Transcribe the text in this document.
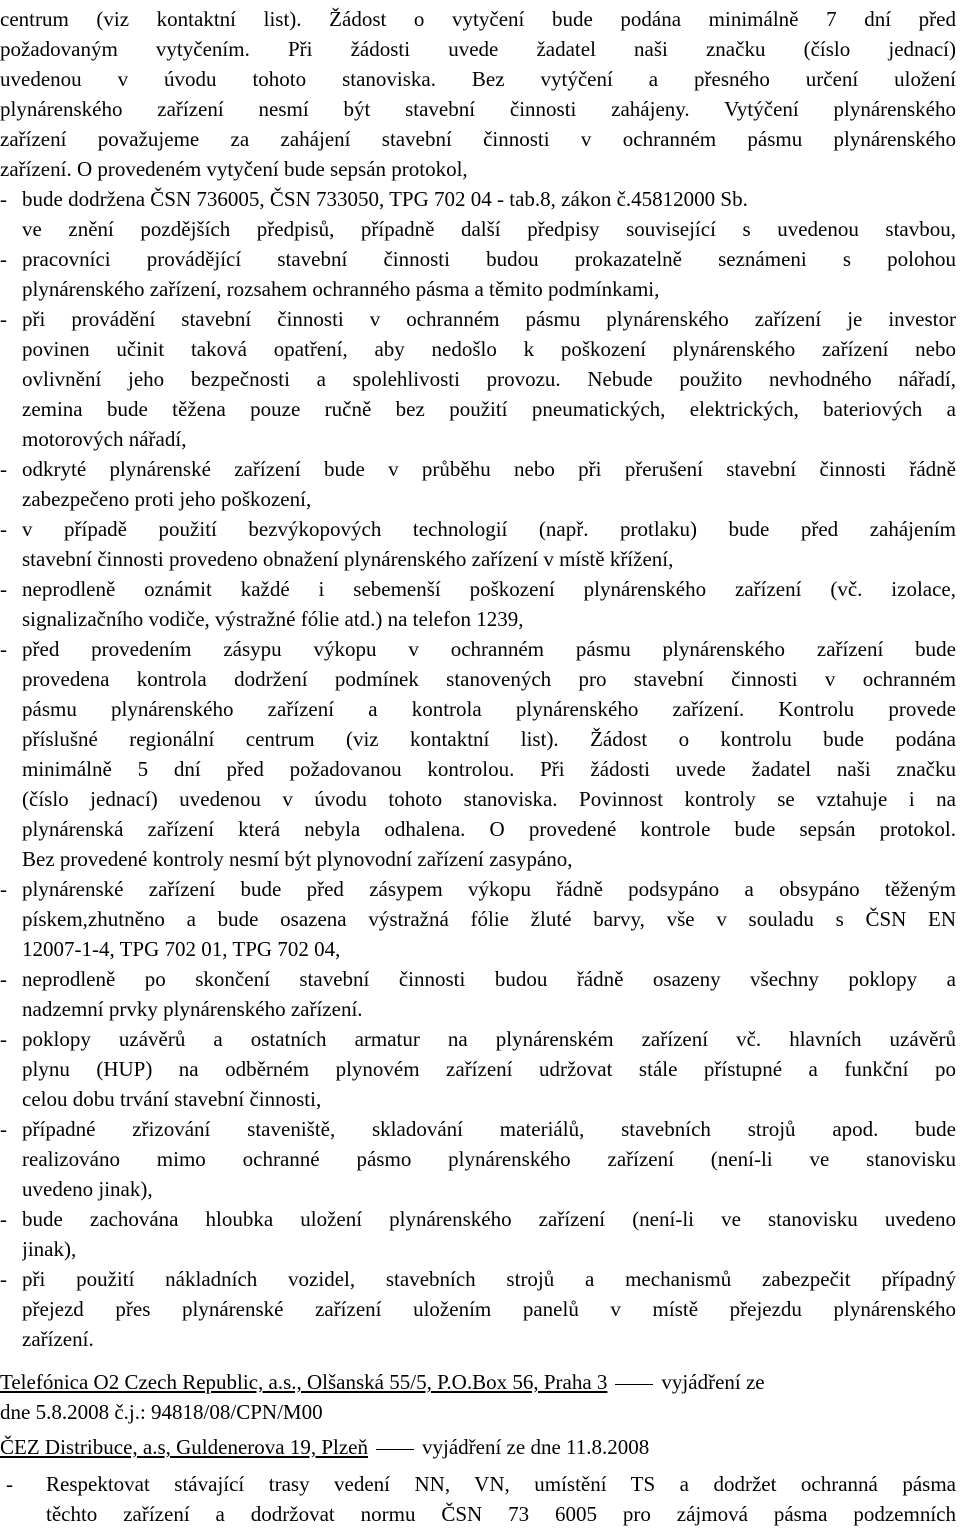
centrum (viz kontaktní list). Žádost o vytyčení bude podána minimálně 7 dní před
požadovaným vytyčením. Při žádosti uvede žadatel naši značku (číslo jednací)
uvedenou v úvodu tohoto stanoviska. Bez vytýčení a přesného určení uložení
plynárenského zařízení nesmí být stavební činnosti zahájeny. Vytýčení plynárenského
zařízení považujeme za zahájení stavební činnosti v ochranném pásmu plynárenského
zařízení. O provedeném vytyčení bude sepsán protokol,
- bude dodržena ČSN 736005, ČSN 733050, TPG 702 04 - tab.8, zákon č.45812000 Sb.
ve znění pozdějších předpisů, případně další předpisy související s uvedenou stavbou,
- pracovníci provádějící stavební činnosti budou prokazatelně seznámeni s polohou
plynárenského zařízení, rozsahem ochranného pásma a těmito podmínkami,
- při provádění stavební činnosti v ochranném pásmu plynárenského zařízení je investor
povinen učinit taková opatření, aby nedošlo k poškození plynárenského zařízení nebo
ovlivnění jeho bezpečnosti a spolehlivosti provozu. Nebude použito nevhodného nářadí,
zemina bude těžena pouze ručně bez použití pneumatických, elektrických, bateriových a
motorových nářadí,
- odkryté plynárenské zařízení bude v průběhu nebo při přerušení stavební činnosti řádně
zabezpečeno proti jeho poškození,
- v případě použití bezvýkopových technologií (např. protlaku) bude před zahájením
stavební činnosti provedeno obnažení plynárenského zařízení v místě křížení,
- neprodleně oznámit každé i sebemenší poškození plynárenského zařízení (vč. izolace,
signalizačního vodiče, výstražné fólie atd.) na telefon 1239,
- před provedením zásypu výkopu v ochranném pásmu plynárenského zařízení bude
provedena kontrola dodržení podmínek stanovených pro stavební činnosti v ochranném
pásmu plynárenského zařízení a kontrola plynárenského zařízení. Kontrolu provede
příslušné regionální centrum (viz kontaktní list). Žádost o kontrolu bude podána
minimálně 5 dní před požadovanou kontrolou. Při žádosti uvede žadatel naši značku
(číslo jednací) uvedenou v úvodu tohoto stanoviska. Povinnost kontroly se vztahuje i na
plynárenská zařízení která nebyla odhalena. O provedené kontrole bude sepsán protokol.
Bez provedené kontroly nesmí být plynovodní zařízení zasypáno,
- plynárenské zařízení bude před zásypem výkopu řádně podsypáno a obsypáno těženým
pískem,zhutněno a bude osazena výstražná fólie žluté barvy, vše v souladu s ČSN EN
12007-1-4, TPG 702 01, TPG 702 04,
- neprodleně po skončení stavební činnosti budou řádně osazeny všechny poklopy a
nadzemní prvky plynárenského zařízení.
- poklopy uzávěrů a ostatních armatur na plynárenském zařízení vč. hlavních uzávěrů
plynu (HUP) na odběrném plynovém zařízení udržovat stále přístupné a funkční po
celou dobu trvání stavební činnosti,
- případné zřizování staveniště, skladování materiálů, stavebních strojů apod. bude
realizováno mimo ochranné pásmo plynárenského zařízení (není-li ve stanovisku
uvedeno jinak),
- bude zachována hloubka uložení plynárenského zařízení (není-li ve stanovisku uvedeno
jinak),
- při použití nákladních vozidel, stavebních strojů a mechanismů zabezpečit případný
přejezd přes plynárenské zařízení uložením panelů v místě přejezdu plynárenského
zařízení.
Telefónica O2 Czech Republic, a.s., Olšanská 55/5, P.O.Box 56, Praha 3	vyjádření ze
dne 5.8.2008 č.j.: 94818/08/CPN/M00
ČEZ Distribuce, a.s, Guldenerova 19, Plzeň	vyjádření ze dne 11.8.2008
- Respektovat stávající trasy vedení NN, VN, umístění TS a dodržet ochranná pásma
těchto zařízení a dodržovat normu ČSN 73 6005 pro zájmová pásma podzemních
